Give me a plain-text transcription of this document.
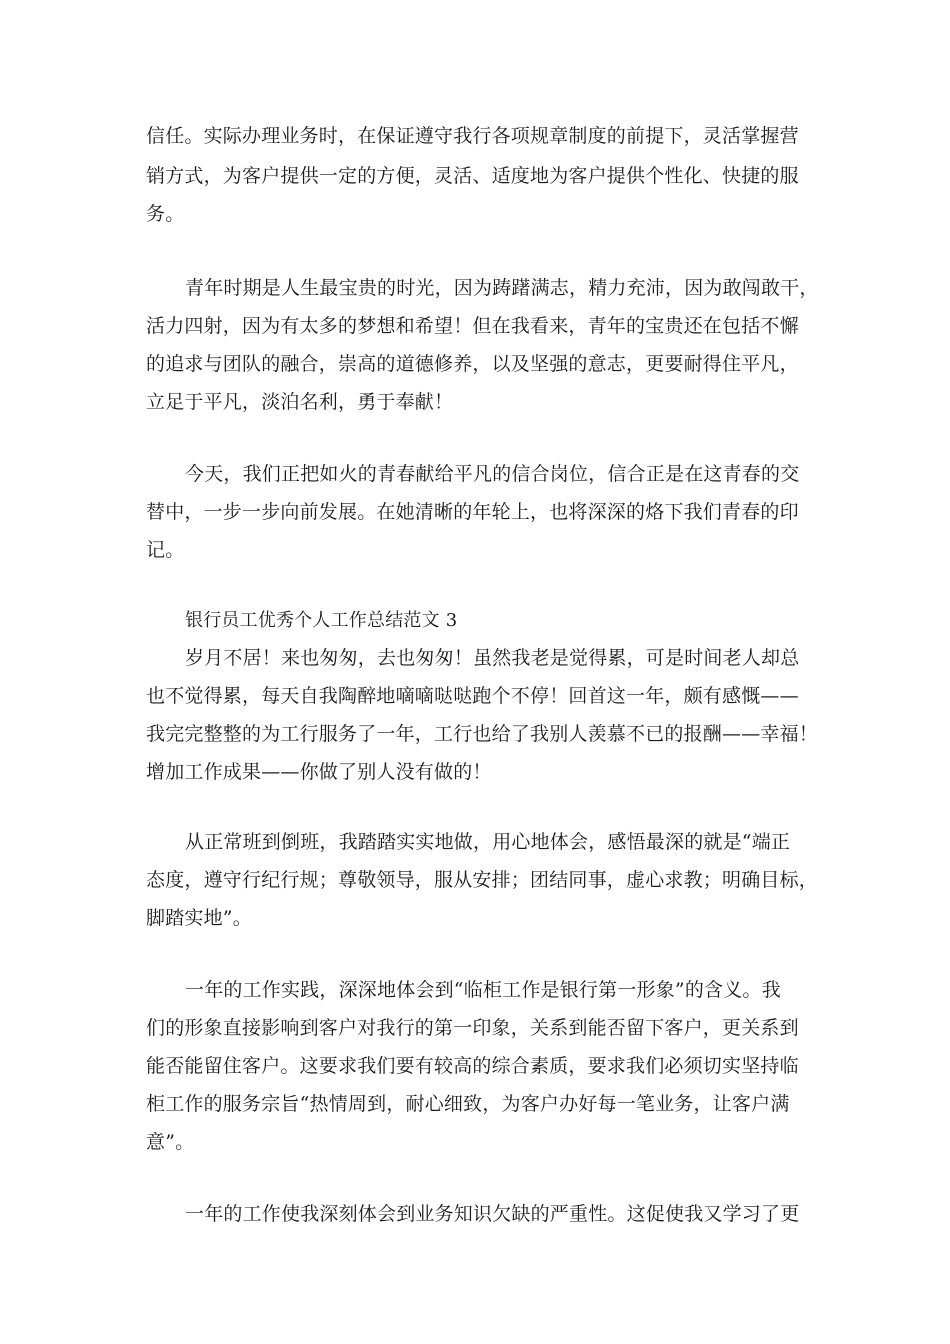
信任。实际办理业务时，在保证遵守我行各项规章制度的前提下，灵活掌握营
销方式，为客户提供一定的方便，灵活、适度地为客户提供个性化、快捷的服
务。
青年时期是人生最宝贵的时光，因为踌躇满志，精力充沛，因为敢闯敢干，
活力四射，因为有太多的梦想和希望！但在我看来，青年的宝贵还在包括不懈
的追求与团队的融合，崇高的道德修养，以及坚强的意志，更要耐得住平凡，
立足于平凡，淡泊名利，勇于奉献！
今天，我们正把如火的青春献给平凡的信合岗位，信合正是在这青春的交
替中，一步一步向前发展。在她清晰的年轮上，也将深深的烙下我们青春的印
记。
银行员工优秀个人工作总结范文 3
岁月不居！来也匆匆，去也匆匆！虽然我老是觉得累，可是时间老人却总
也不觉得累，每天自我陶醉地嘀嘀哒哒跑个不停！回首这一年，颇有感慨——
我完完整整的为工行服务了一年，工行也给了我别人羡慕不已的报酬——幸福！
增加工作成果——你做了别人没有做的！
从正常班到倒班，我踏踏实实地做，用心地体会，感悟最深的就是“端正
态度，遵守行纪行规；尊敬领导，服从安排；团结同事，虚心求教；明确目标，
脚踏实地”。
一年的工作实践，深深地体会到“临柜工作是银行第一形象”的含义。我
们的形象直接影响到客户对我行的第一印象，关系到能否留下客户，更关系到
能否能留住客户。这要求我们要有较高的综合素质，要求我们必须切实坚持临
柜工作的服务宗旨“热情周到，耐心细致，为客户办好每一笔业务，让客户满
意”。
一年的工作使我深刻体会到业务知识欠缺的严重性。这促使我又学习了更
